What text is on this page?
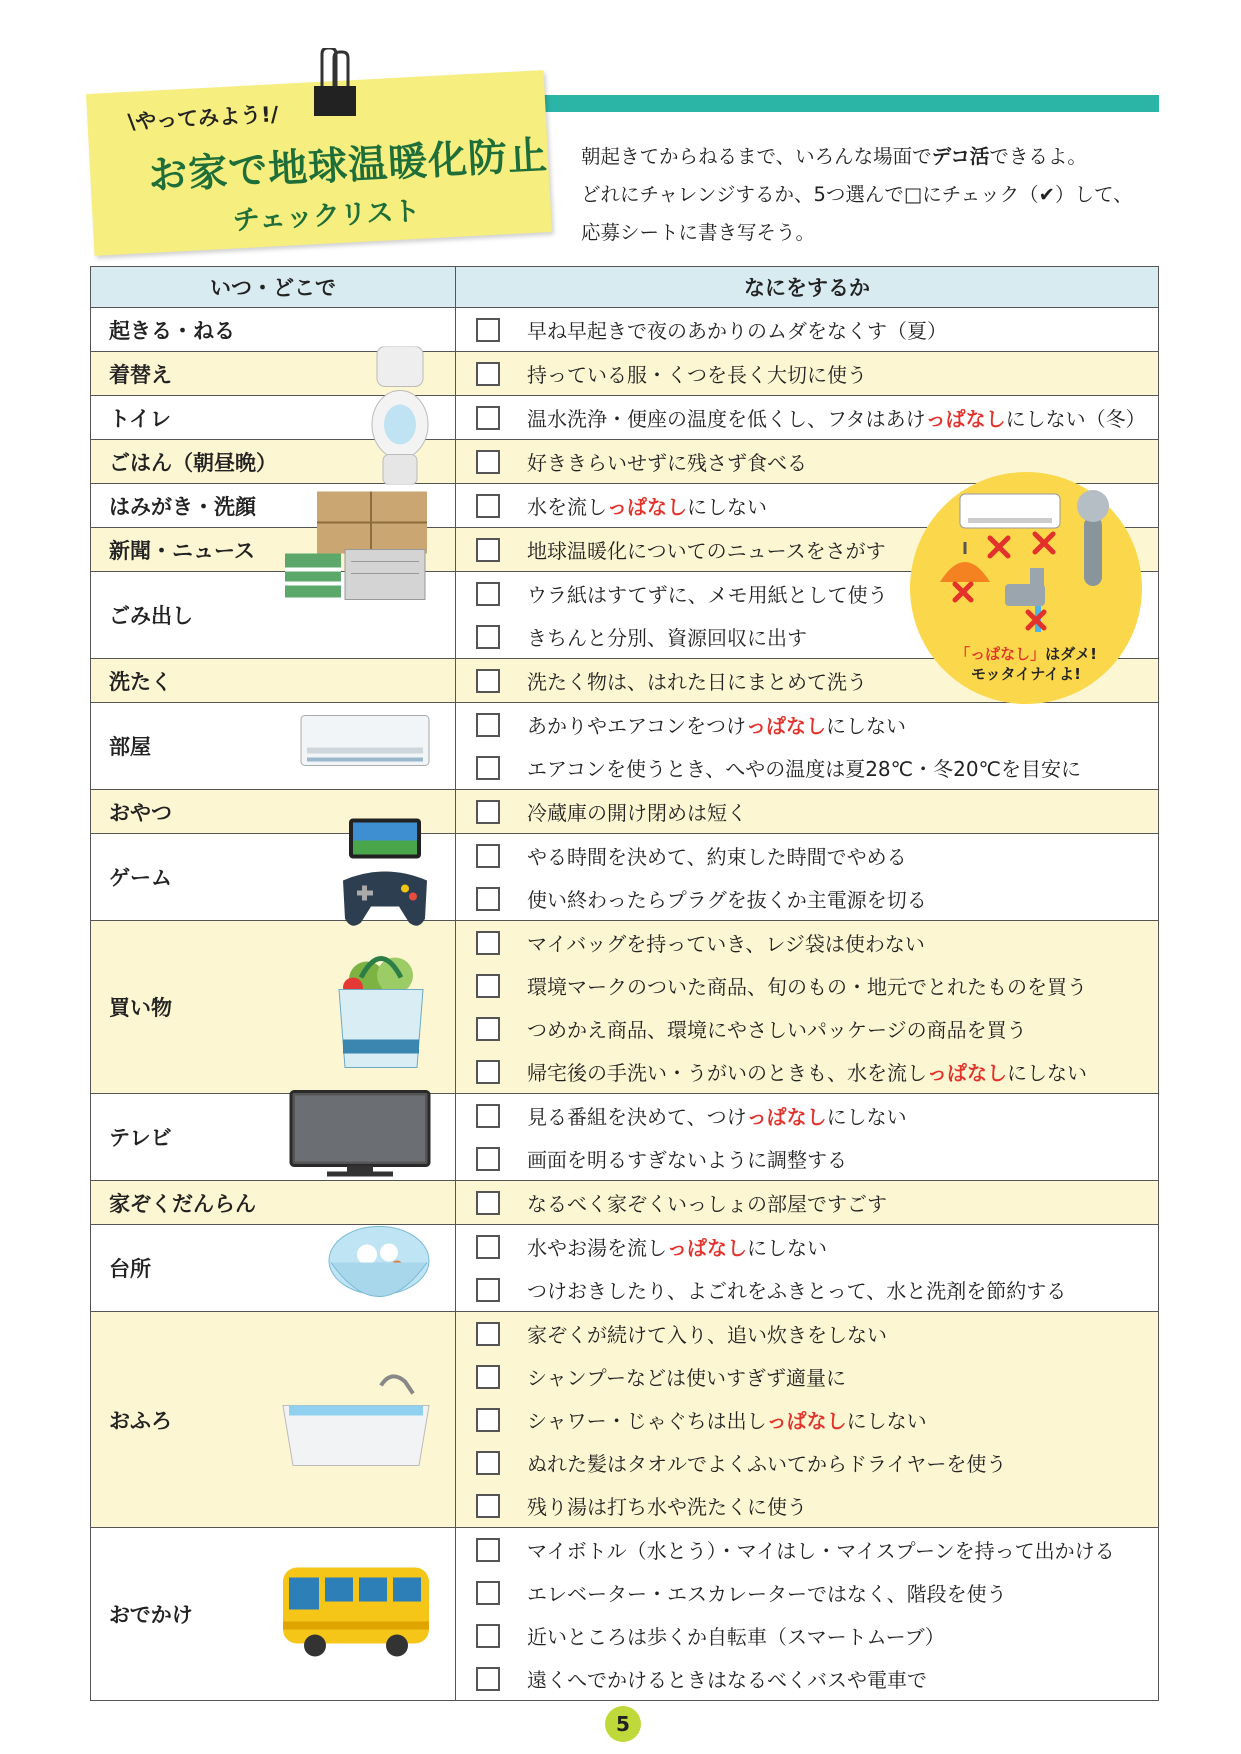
\やってみよう!/
お家で地球温暖化防止
チェックリスト
朝起きてからねるまで、いろんな場面でデコ活できるよ。
どれにチャレンジするか、5つ選んで□にチェック（✔）して、
応募シートに書き写そう。
いつ・どこで	なにをするか
起きる・ねる	早ね早起きで夜のあかりのムダをなくす（夏）

着替え	持っている服・くつを長く大切に使う

トイレ	温水洗浄・便座の温度を低くし、フタはあけっぱなしにしない（冬）

ごはん（朝昼晩）	好ききらいせずに残さず食べる

はみがき・洗顔	水を流しっぱなしにしない

新聞・ニュース	地球温暖化についてのニュースをさがす

ごみ出し	ウラ紙はすてずに、メモ用紙として使う
きちんと分別、資源回収に出す

洗たく	洗たく物は、はれた日にまとめて洗う

部屋	あかりやエアコンをつけっぱなしにしない
エアコンを使うとき、へやの温度は夏28℃・冬20℃を目安に

おやつ	冷蔵庫の開け閉めは短く

ゲーム	やる時間を決めて、約束した時間でやめる
使い終わったらプラグを抜くか主電源を切る

買い物	マイバッグを持っていき、レジ袋は使わない
環境マークのついた商品、旬のもの・地元でとれたものを買う
つめかえ商品、環境にやさしいパッケージの商品を買う
帰宅後の手洗い・うがいのときも、水を流しっぱなしにしない

テレビ	見る番組を決めて、つけっぱなしにしない
画面を明るすぎないように調整する

家ぞくだんらん	なるべく家ぞくいっしょの部屋ですごす

台所	水やお湯を流しっぱなしにしない
つけおきしたり、よごれをふきとって、水と洗剤を節約する

おふろ	家ぞくが続けて入り、追い炊きをしない
シャンプーなどは使いすぎず適量に
シャワー・じゃぐちは出しっぱなしにしない
ぬれた髪はタオルでよくふいてからドライヤーを使う
残り湯は打ち水や洗たくに使う

おでかけ	マイボトル（水とう）・マイはし・マイスプーンを持って出かける
エレベーター・エスカレーターではなく、階段を使う
近いところは歩くか自転車（スマートムーブ）
遠くへでかけるときはなるべくバスや電車で
「っぱなし」はダメ!
モッタイナイよ!
5
